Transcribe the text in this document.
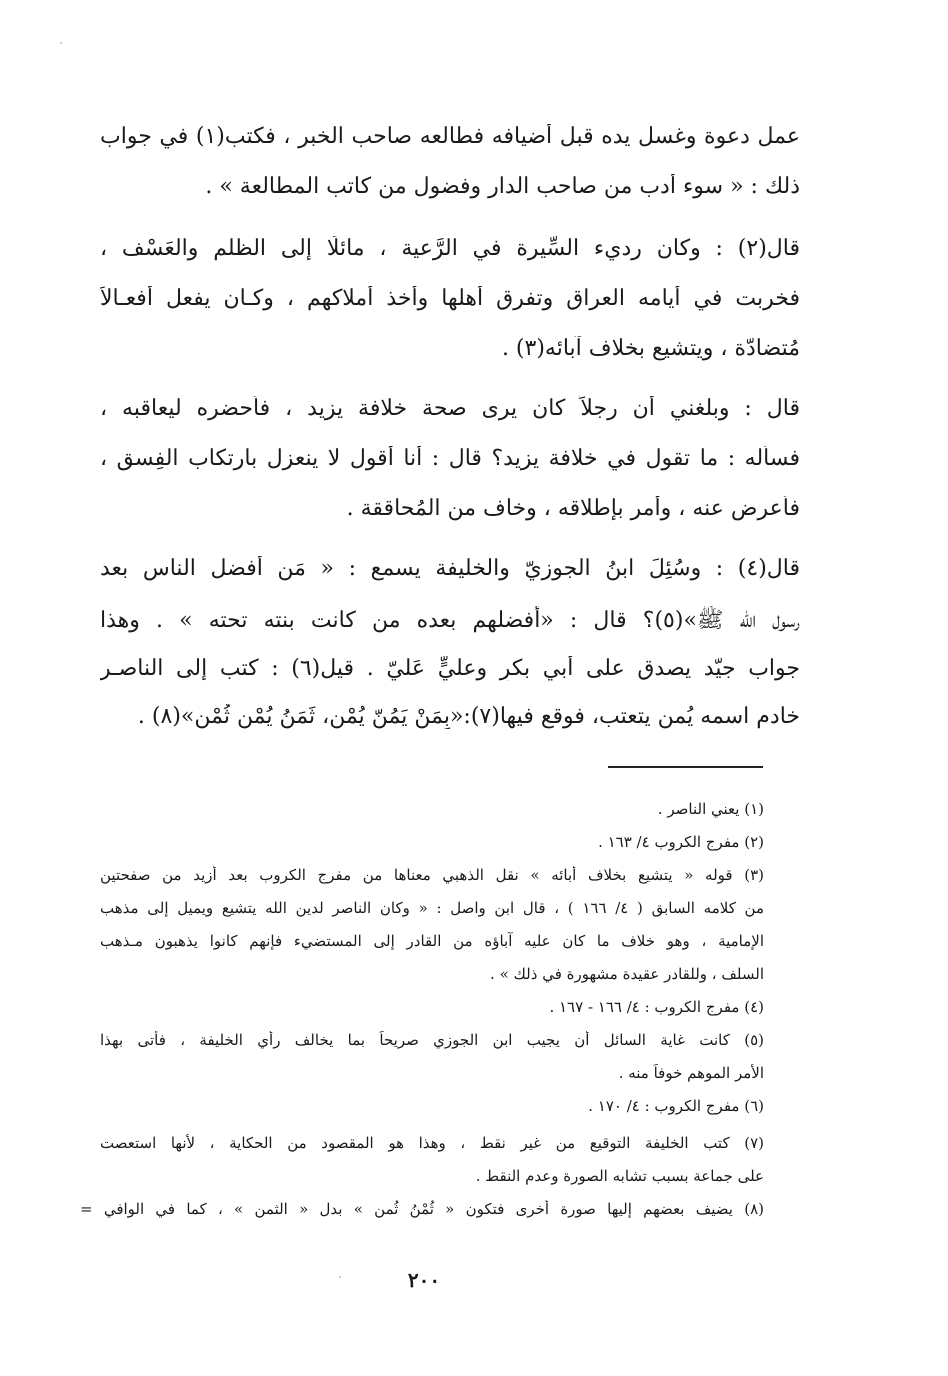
عمل دعوة وغسل يده قبل أضيافه فطالعه صاحب الخبر ، فكتب(١) في جواب
ذلك : « سوء أدب من صاحب الدار وفضول من كاتب المطالعة » .
قال(٢) : وكان رديء السِّيرة في الرَّعية ، مائلًا إلى الظلم والعَسْف ،
فخربت في أيامه العراق وتفرق أهلها وأخذ أملاكهم ، وكـان يفعل أفعـالاً
مُتضادّة ، ويتشيع بخلاف آبائه(٣) .
قال : وبلغني أن رجلاً كان يرى صحة خلافة يزيد ، فأحضره ليعاقبه ،
فسأله : ما تقول في خلافة يزيد؟ قال : أنا أقول لا ينعزل بارتكاب الفِسق ،
فأعرض عنه ، وأمر بإطلاقه ، وخاف من المُحاققة .
قال(٤) : وسُئِلَ ابنُ الجوزيّ والخليفة يسمع : « مَن أفضل الناس بعد
رسول الله ﷺ»(٥)؟ قال : «أفضلهم بعده من كانت بنته تحته » . وهذا
جواب جيّد يصدق على أبي بكرٍ وعليٍّ عَليّ . قيل(٦) : كتب إلى الناصـر
خادم اسمه يُمن يتعتب، فوقع فيها(٧):«بِمَنْ يَمُنّ يُمْن، ثَمَنُ يُمْنٍ ثُمْن»(٨) .
(١) يعني الناصر .
(٢) مفرج الكروب ٤/ ١٦٣ .
(٣) قوله « يتشيع بخلاف أبائه » نقل الذهبي معناها من مفرج الكروب بعد أزيد من صفحتين
من كلامه السابق ( ٤/ ١٦٦ ) ، قال ابن واصل : « وكان الناصر لدين الله يتشيع ويميل إلى مذهب
الإمامية ، وهو خلاف ما كان عليه آباؤه من القادر إلى المستضيء فإنهم كانوا يذهبون مـذهب
السلف ، وللقادر عقيدة مشهورة في ذلك » .
(٤) مفرج الكروب : ٤/ ١٦٦ - ١٦٧ .
(٥) كانت غاية السائل أن يجيب ابن الجوزي صريحاً بما يخالف رأي الخليفة ، فأتى بهذا
الأمر الموهم خوفاً منه .
(٦) مفرج الكروب : ٤/ ١٧٠ .
(٧) كتب الخليفة التوقيع من غير نقط ، وهذا هو المقصود من الحكاية ، لأنها استعصت
على جماعة بسبب تشابه الصورة وعدم النقط .
(٨) يضيف بعضهم إليها صورة أخرى فتكون « ثُمْنُ ثُمنٍ » بدل « الثمن » ، كما في الوافي =
٢٠٠
